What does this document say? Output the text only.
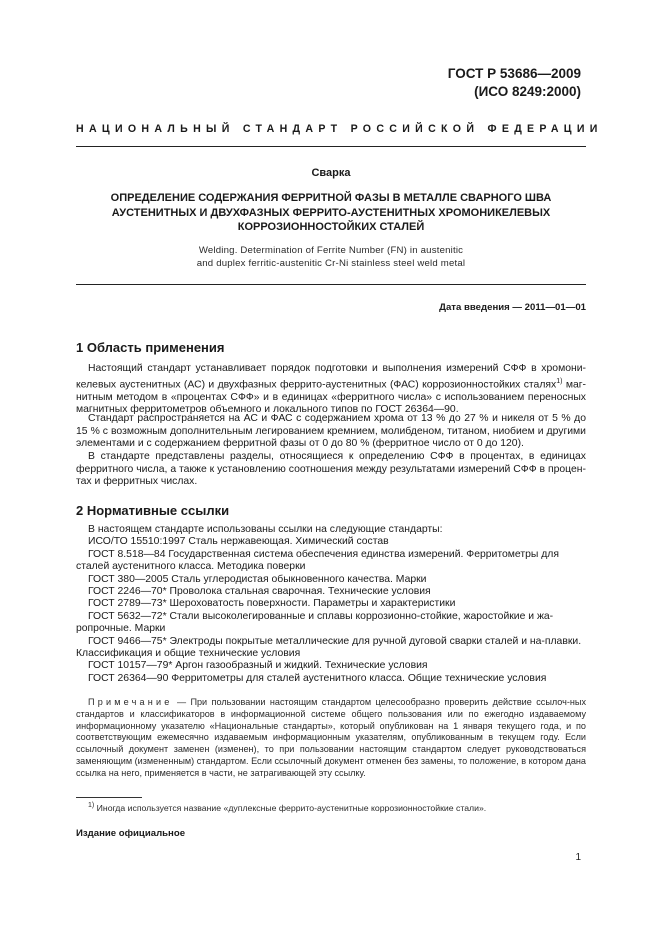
ГОСТ Р 53686—2009
(ИСО 8249:2000)
НАЦИОНАЛЬНЫЙ СТАНДАРТ РОССИЙСКОЙ ФЕДЕРАЦИИ
Сварка
ОПРЕДЕЛЕНИЕ СОДЕРЖАНИЯ ФЕРРИТНОЙ ФАЗЫ В МЕТАЛЛЕ СВАРНОГО ШВА
АУСТЕНИТНЫХ И ДВУХФАЗНЫХ ФЕРРИТО-АУСТЕНИТНЫХ ХРОМОНИКЕЛЕВЫХ
КОРРОЗИОННОСТОЙКИХ СТАЛЕЙ
Welding. Determination of Ferrite Number (FN) in austenitic
and duplex ferritic-austenitic Cr-Ni stainless steel weld metal
Дата введения — 2011—01—01
1 Область применения
Настоящий стандарт устанавливает порядок подготовки и выполнения измерений СФФ в хромони-келевых аустенитных (АС) и двухфазных феррито-аустенитных (ФАС) коррозионностойких сталях$^{1)}$ маг-нитным методом в «процентах СФФ» и в единицах «ферритного числа» с использованием переносных магнитных ферритометров объемного и локального типов по ГОСТ 26364—90.
Стандарт распространяется на АС и ФАС с содержанием хрома от 13 % до 27 % и никеля от 5 % до 15 % с возможным дополнительным легированием кремнием, молибденом, титаном, ниобием и другими элементами и с содержанием ферритной фазы от 0 до 80 % (ферритное число от 0 до 120).
В стандарте представлены разделы, относящиеся к определению СФФ в процентах, в единицах ферритного числа, а также к установлению соотношения между результатами измерений СФФ в процен-тах и ферритных числах.
2 Нормативные ссылки
В настоящем стандарте использованы ссылки на следующие стандарты:
ИСО/ТО 15510:1997 Сталь нержавеющая. Химический состав
ГОСТ 8.518—84 Государственная система обеспечения единства измерений. Ферритометры для сталей аустенитного класса. Методика поверки
ГОСТ 380—2005 Сталь углеродистая обыкновенного качества. Марки
ГОСТ 2246—70* Проволока стальная сварочная. Технические условия
ГОСТ 2789—73* Шероховатость поверхности. Параметры и характеристики
ГОСТ 5632—72* Стали высоколегированные и сплавы коррозионно-стойкие, жаростойкие и жа-ропрочные. Марки
ГОСТ 9466—75* Электроды покрытые металлические для ручной дуговой сварки сталей и на-плавки. Классификация и общие технические условия
ГОСТ 10157—79* Аргон газообразный и жидкий. Технические условия
ГОСТ 26364—90 Ферритометры для сталей аустенитного класса. Общие технические условия
Примечание — При пользовании настоящим стандартом целесообразно проверить действие ссылоч-ных стандартов и классификаторов в информационной системе общего пользования или по ежегодно издаваемому информационному указателю «Национальные стандарты», который опубликован на 1 января текущего года, и по соответствующим ежемесячно издаваемым информационным указателям, опубликованным в текущем году. Если ссылочный документ заменен (изменен), то при пользовании настоящим стандартом следует руководствоваться заменяющим (измененным) стандартом. Если ссылочный документ отменен без замены, то положение, в котором дана ссылка на него, применяется в части, не затрагивающей эту ссылку.
$^{1)}$ Иногда используется название «дуплексные феррито-аустенитные коррозионностойкие стали».
Издание официальное
1
